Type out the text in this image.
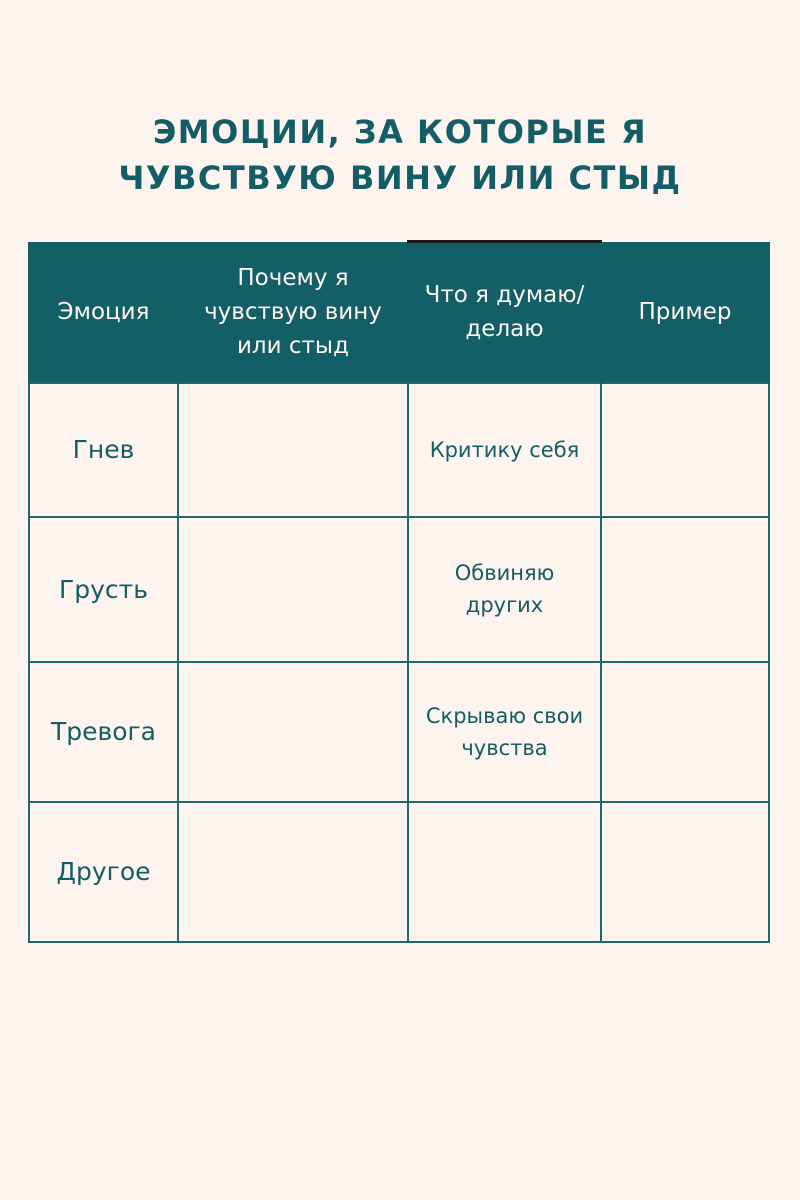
ЭМОЦИИ, ЗА КОТОРЫЕ Я
ЧУВСТВУЮ ВИНУ ИЛИ СТЫД
Эмоция	Почему я чувствую вину или стыд	Что я думаю/ делаю	Пример
Гнев		Критику себя	
Грусть		Обвиняю других	
Тревога		Скрываю свои чувства	
Другое			
